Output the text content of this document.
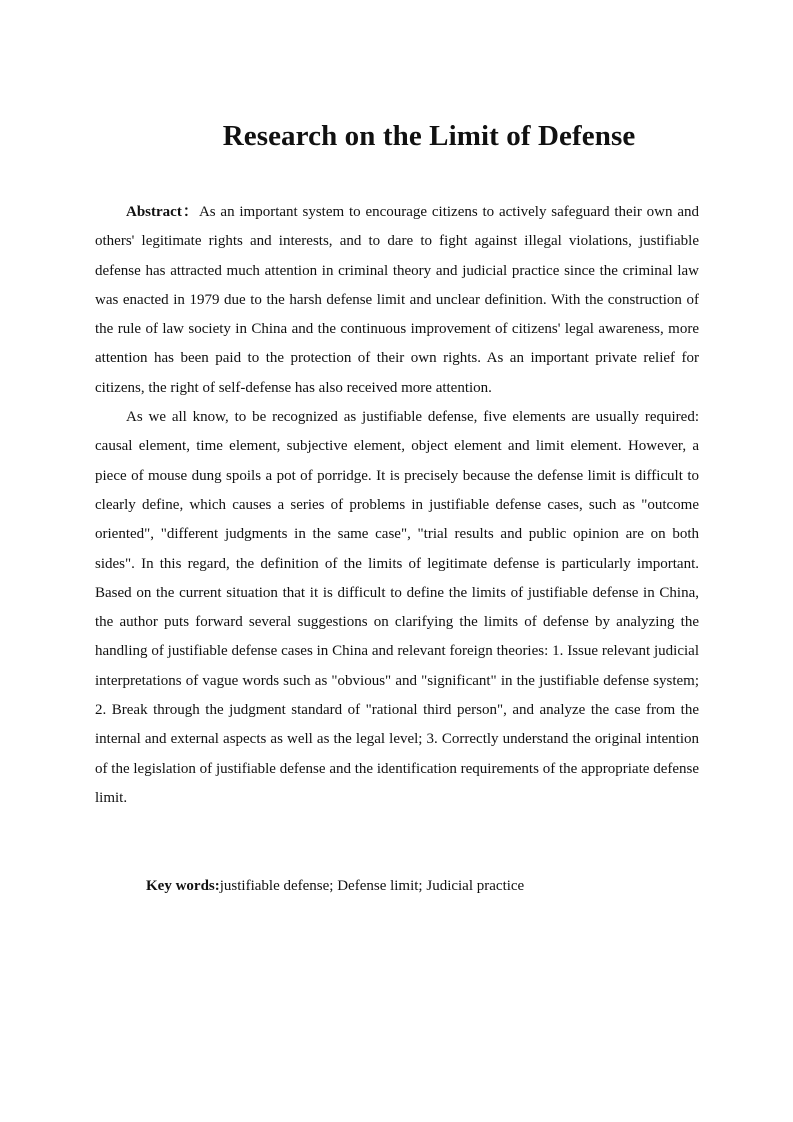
Research on the Limit of Defense

Abstract：As an important system to encourage citizens to actively safeguard their own and others' legitimate rights and interests, and to dare to fight against illegal violations, justifiable defense has attracted much attention in criminal theory and judicial practice since the criminal law was enacted in 1979 due to the harsh defense limit and unclear definition. With the construction of the rule of law society in China and the continuous improvement of citizens' legal awareness, more attention has been paid to the protection of their own rights. As an important private relief for citizens, the right of self-defense has also received more attention.

As we all know, to be recognized as justifiable defense, five elements are usually required: causal element, time element, subjective element, object element and limit element. However, a piece of mouse dung spoils a pot of porridge. It is precisely because the defense limit is difficult to clearly define, which causes a series of problems in justifiable defense cases, such as "outcome oriented", "different judgments in the same case", "trial results and public opinion are on both sides". In this regard, the definition of the limits of legitimate defense is particularly important. Based on the current situation that it is difficult to define the limits of justifiable defense in China, the author puts forward several suggestions on clarifying the limits of defense by analyzing the handling of justifiable defense cases in China and relevant foreign theories: 1. Issue relevant judicial interpretations of vague words such as "obvious" and "significant" in the justifiable defense system; 2. Break through the judgment standard of "rational third person", and analyze the case from the internal and external aspects as well as the legal level; 3. Correctly understand the original intention of the legislation of justifiable defense and the identification requirements of the appropriate defense limit.

Key words:justifiable defense; Defense limit; Judicial practice
